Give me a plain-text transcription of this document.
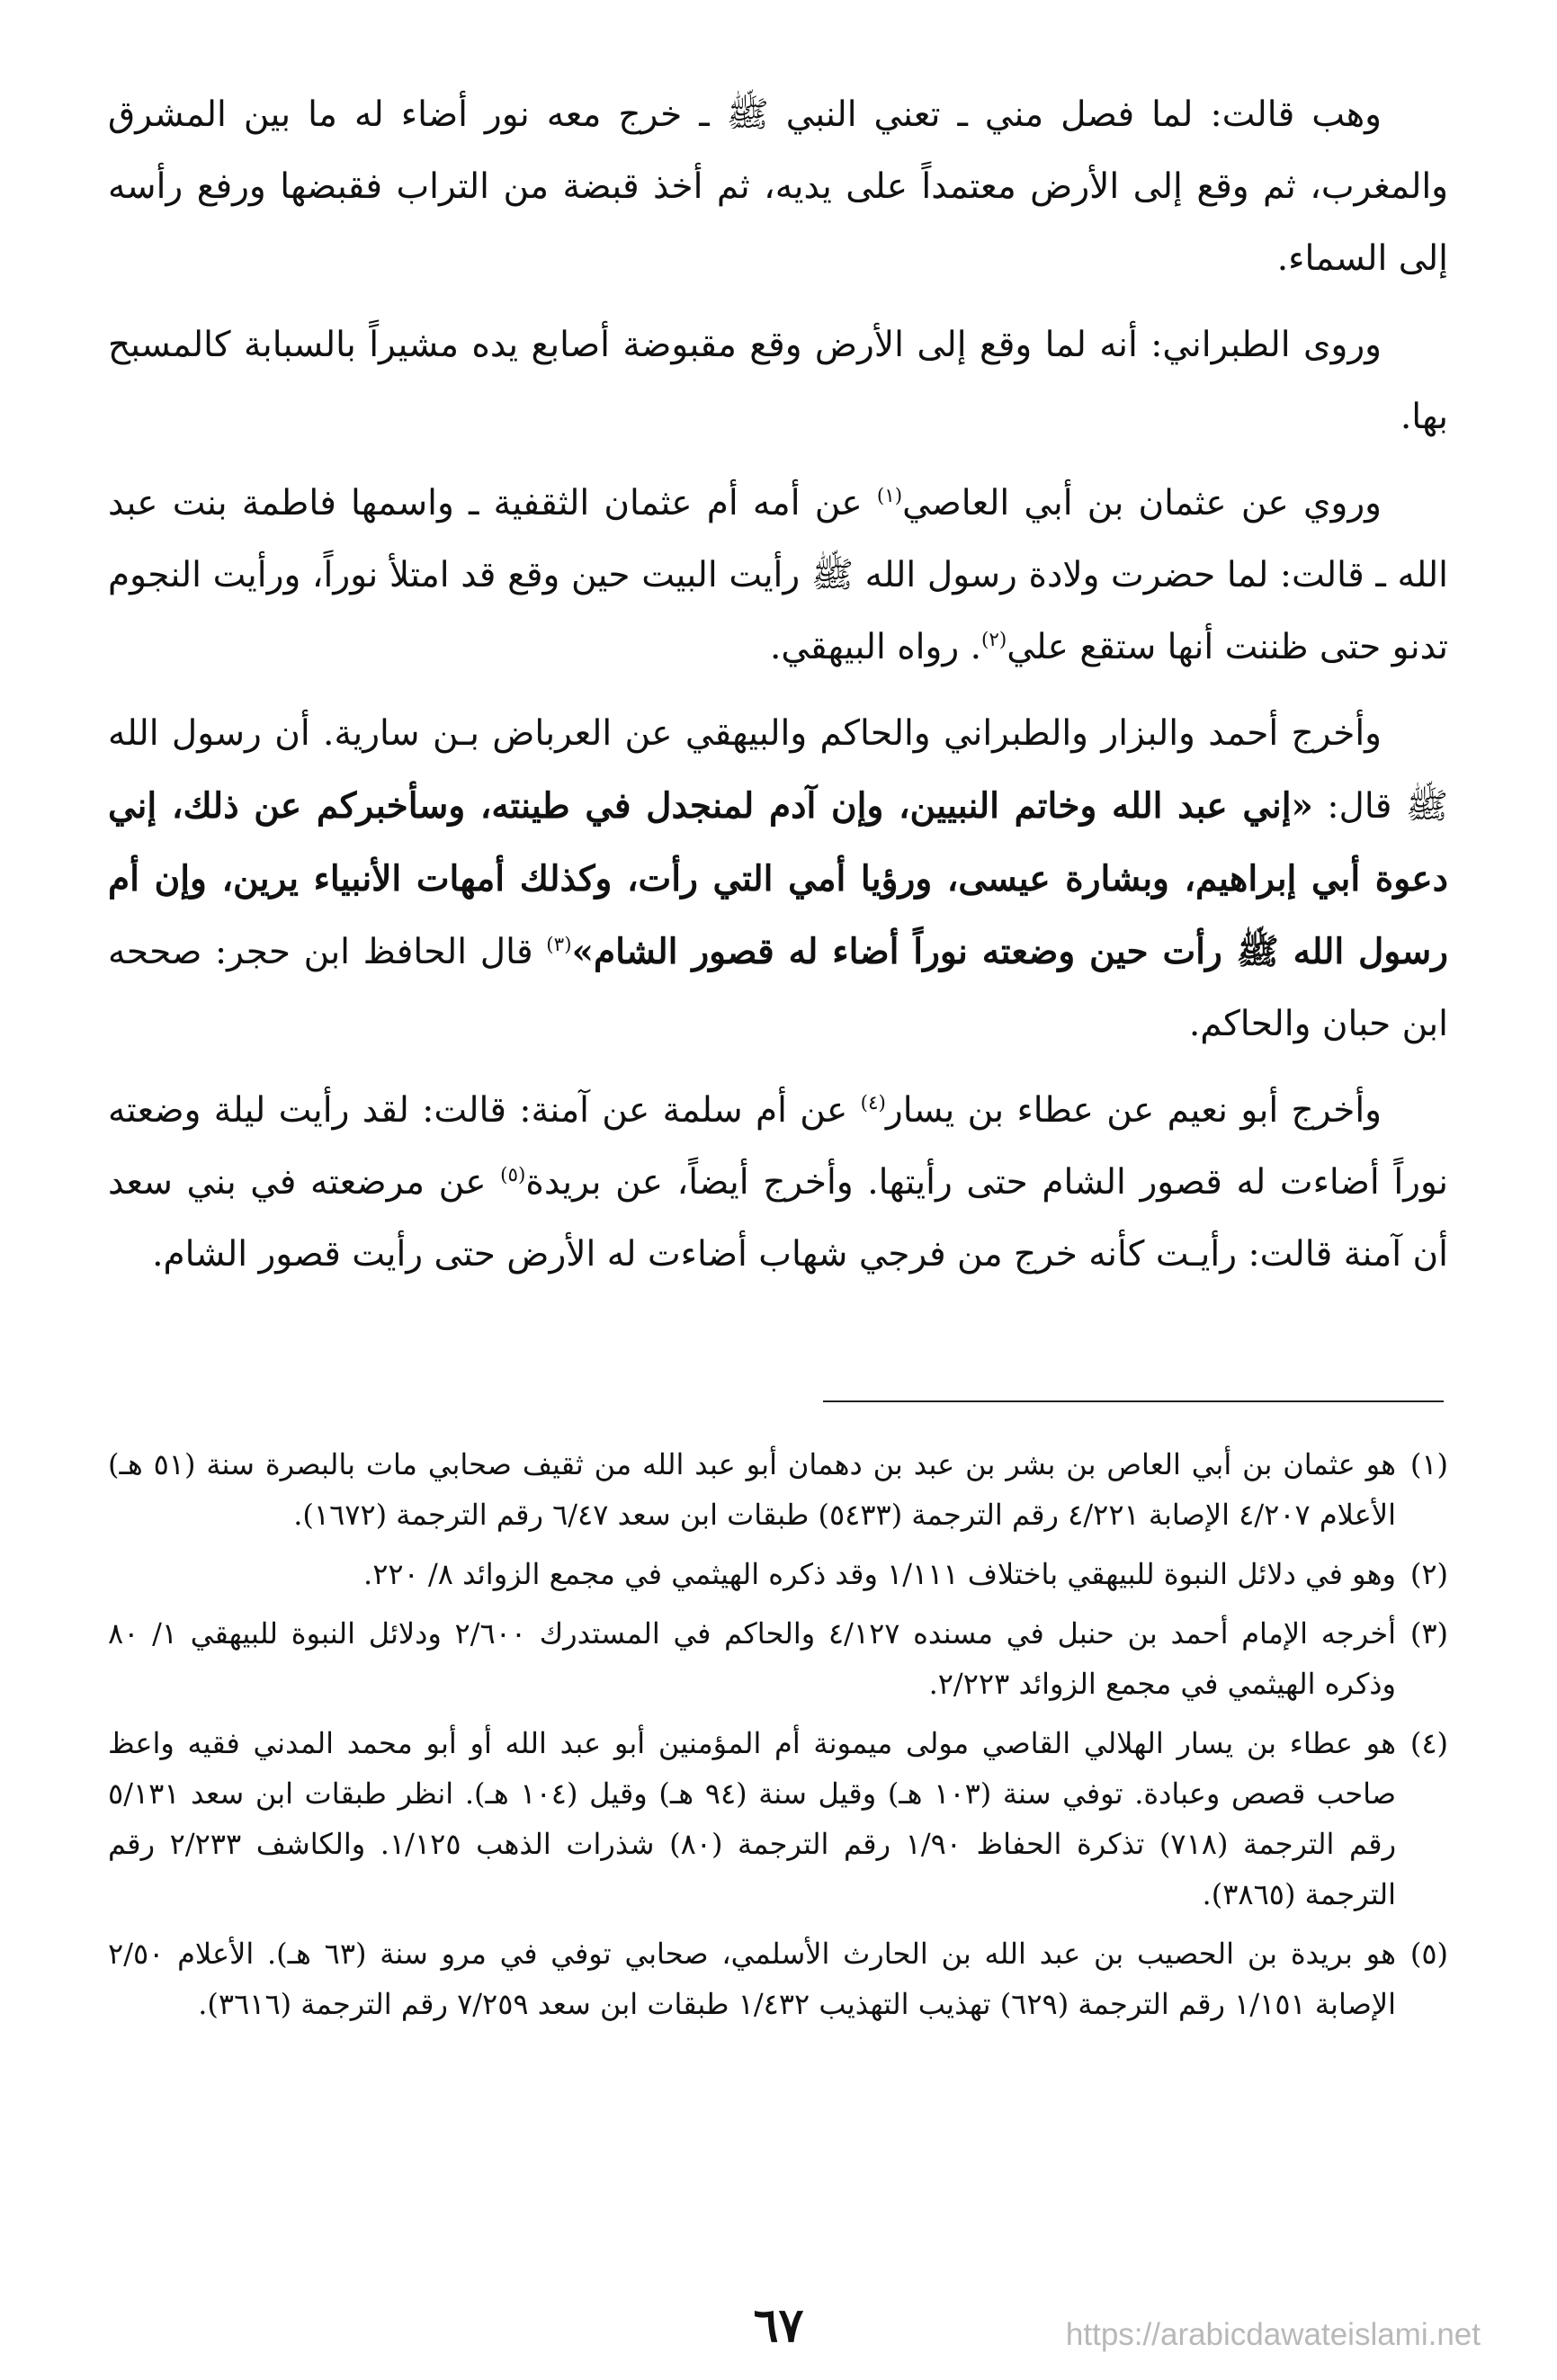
وهب قالت: لما فصل مني ـ تعني النبي ﷺ ـ خرج معه نور أضاء له ما بين المشرق والمغرب، ثم وقع إلى الأرض معتمداً على يديه، ثم أخذ قبضة من التراب فقبضها ورفع رأسه إلى السماء.

وروى الطبراني: أنه لما وقع إلى الأرض وقع مقبوضة أصابع يده مشيراً بالسبابة كالمسبح بها.

وروي عن عثمان بن أبي العاصي$^{(١)}$ عن أمه أم عثمان الثقفية ـ واسمها فاطمة بنت عبد الله ـ قالت: لما حضرت ولادة رسول الله ﷺ رأيت البيت حين وقع قد امتلأ نوراً، ورأيت النجوم تدنو حتى ظننت أنها ستقع علي$^{(٢)}$. رواه البيهقي.

وأخرج أحمد والبزار والطبراني والحاكم والبيهقي عن العرباض بـن سارية. أن رسول الله ﷺ قال: «إني عبد الله وخاتم النبيين، وإن آدم لمنجدل في طينته، وسأخبركم عن ذلك، إني دعوة أبي إبراهيم، وبشارة عيسى، ورؤيا أمي التي رأت، وكذلك أمهات الأنبياء يرين، وإن أم رسول الله ﷺ رأت حين وضعته نوراً أضاء له قصور الشام»$^{(٣)}$ قال الحافظ ابن حجر: صححه ابن حبان والحاكم.

وأخرج أبو نعيم عن عطاء بن يسار$^{(٤)}$ عن أم سلمة عن آمنة: قالت: لقد رأيت ليلة وضعته نوراً أضاءت له قصور الشام حتى رأيتها. وأخرج أيضاً، عن بريدة$^{(٥)}$ عن مرضعته في بني سعد أن آمنة قالت: رأيـت كأنه خرج من فرجي شهاب أضاءت له الأرض حتى رأيت قصور الشام.

(١)
هو عثمان بن أبي العاص بن بشر بن عبد بن دهمان أبو عبد الله من ثقيف صحابي مات بالبصرة سنة (٥١ هـ) الأعلام ٤/٢٠٧ الإصابة ٤/٢٢١ رقم الترجمة (٥٤٣٣) طبقات ابن سعد ٦/٤٧ رقم الترجمة (١٦٧٢).
(٢)
وهو في دلائل النبوة للبيهقي باختلاف ١/١١١ وقد ذكره الهيثمي في مجمع الزوائد ٨/ ٢٢٠.
(٣)
أخرجه الإمام أحمد بن حنبل في مسنده ٤/١٢٧ والحاكم في المستدرك ٢/٦٠٠ ودلائل النبوة للبيهقي ١/ ٨٠ وذكره الهيثمي في مجمع الزوائد ٢/٢٢٣.
(٤)
هو عطاء بن يسار الهلالي القاصي مولى ميمونة أم المؤمنين أبو عبد الله أو أبو محمد المدني فقيه واعظ صاحب قصص وعبادة. توفي سنة (١٠٣ هـ) وقيل سنة (٩٤ هـ) وقيل (١٠٤ هـ). انظر طبقات ابن سعد ٥/١٣١ رقم الترجمة (٧١٨) تذكرة الحفاظ ١/٩٠ رقم الترجمة (٨٠) شذرات الذهب ١/١٢٥. والكاشف ٢/٢٣٣ رقم الترجمة (٣٨٦٥).
(٥)
هو بريدة بن الحصيب بن عبد الله بن الحارث الأسلمي، صحابي توفي في مرو سنة (٦٣ هـ). الأعلام ٢/٥٠ الإصابة ١/١٥١ رقم الترجمة (٦٢٩) تهذيب التهذيب ١/٤٣٢ طبقات ابن سعد ٧/٢٥٩ رقم الترجمة (٣٦١٦).
٦٧	https://arabicdawateislami.net
